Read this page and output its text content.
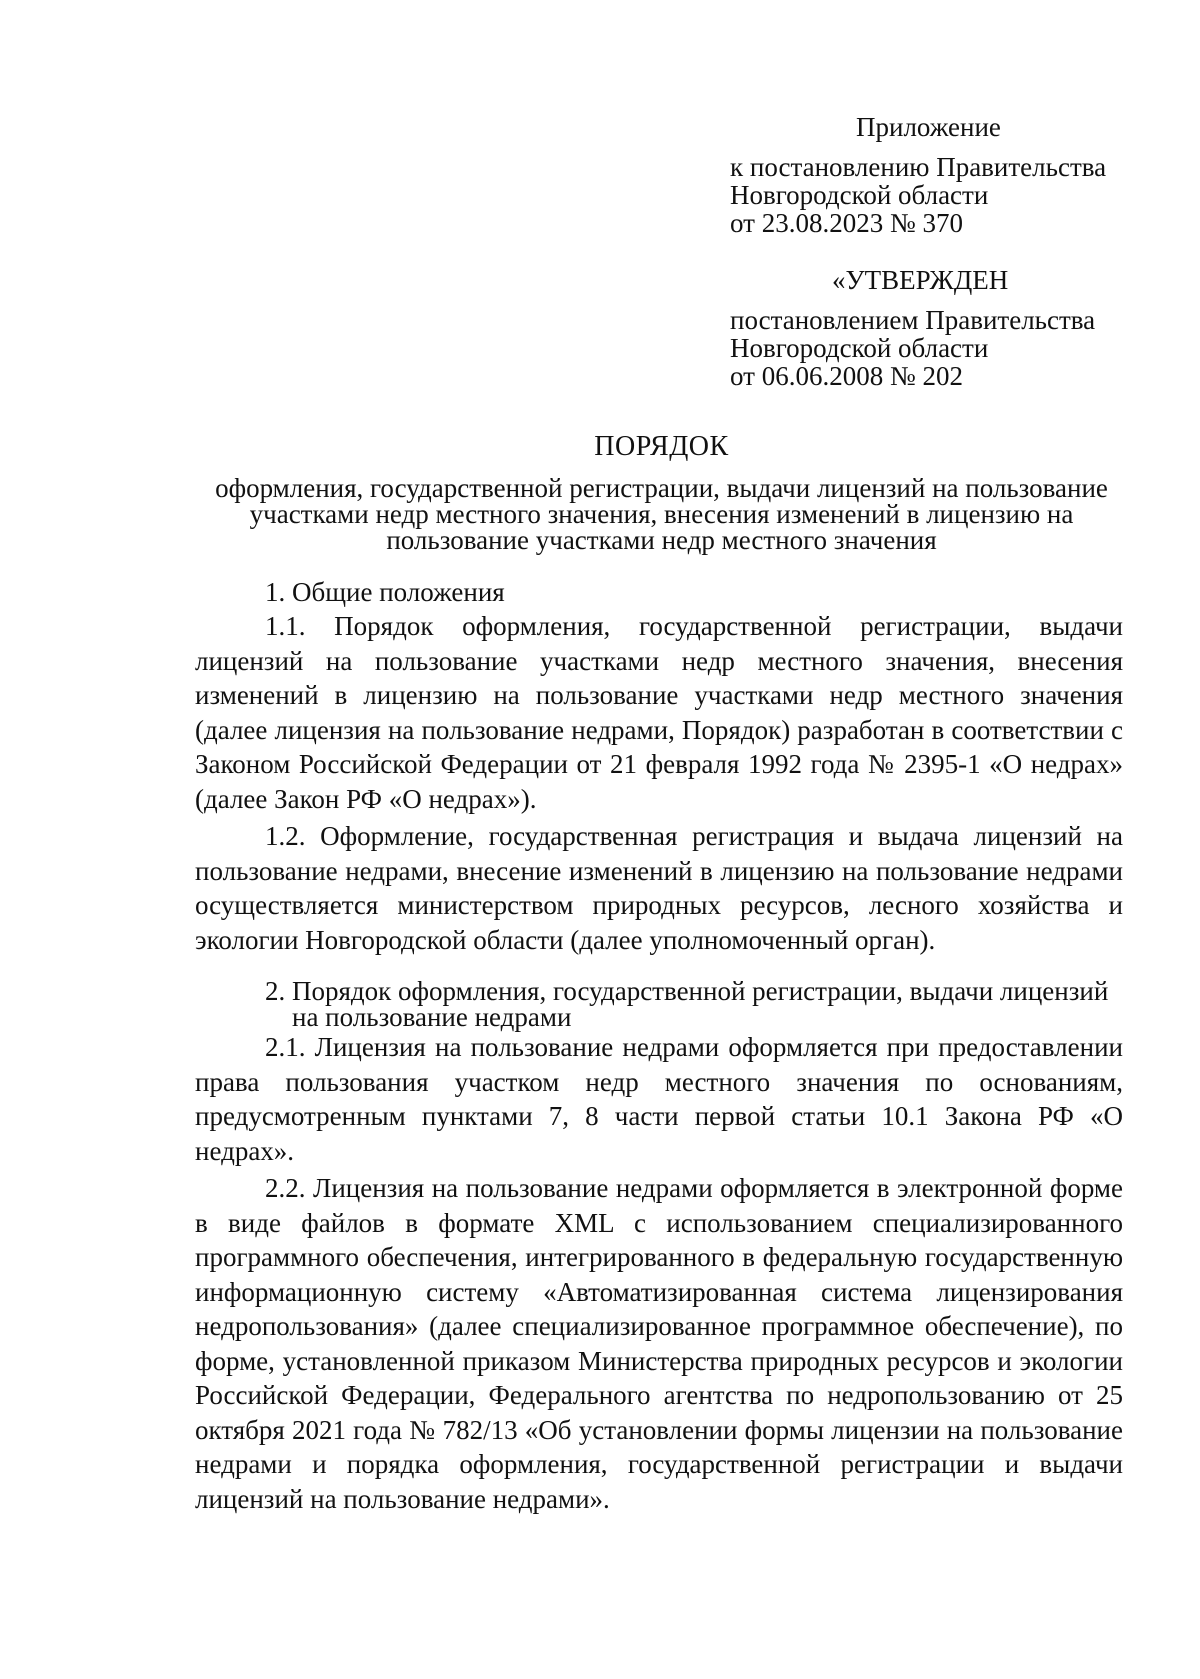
Приложение
к постановлению Правительства
Новгородской области
от 23.08.2023 № 370
«УТВЕРЖДЕН
постановлением Правительства
Новгородской области
от 06.06.2008 № 202
ПОРЯДОК
оформления, государственной регистрации, выдачи лицензий на пользование
участками недр местного значения, внесения изменений в лицензию на
пользование участками недр местного значения

1. Общие положения

1.1. Порядок оформления, государственной регистрации, выдачи лицензий на пользование участками недр местного значения, внесения изменений в лицензию на пользование участками недр местного значения (далее лицензия на пользование недрами, Порядок) разработан в соответствии с Законом Российской Федерации от 21 февраля 1992 года № 2395-1 «О недрах» (далее Закон РФ «О недрах»).

1.2. Оформление, государственная регистрация и выдача лицензий на пользование недрами, внесение изменений в лицензию на пользование недрами осуществляется министерством природных ресурсов, лесного хозяйства и экологии Новгородской области (далее уполномоченный орган).

2. Порядок оформления, государственной регистрации, выдачи лицензий
на пользование недрами

2.1. Лицензия на пользование недрами оформляется при предоставлении права пользования участком недр местного значения по основаниям, предусмотренным пунктами 7, 8 части первой статьи 10.1 Закона РФ «О недрах».

2.2. Лицензия на пользование недрами оформляется в электронной форме в виде файлов в формате XML с использованием специализированного программного обеспечения, интегрированного в федеральную государственную информационную систему «Автоматизированная система лицензирования недропользования» (далее специализированное программное обеспечение), по форме, установленной приказом Министерства природных ресурсов и экологии Российской Федерации, Федерального агентства по недропользованию от 25 октября 2021 года № 782/13 «Об установлении формы лицензии на пользование недрами и порядка оформления, государственной регистрации и выдачи лицензий на пользование недрами».
